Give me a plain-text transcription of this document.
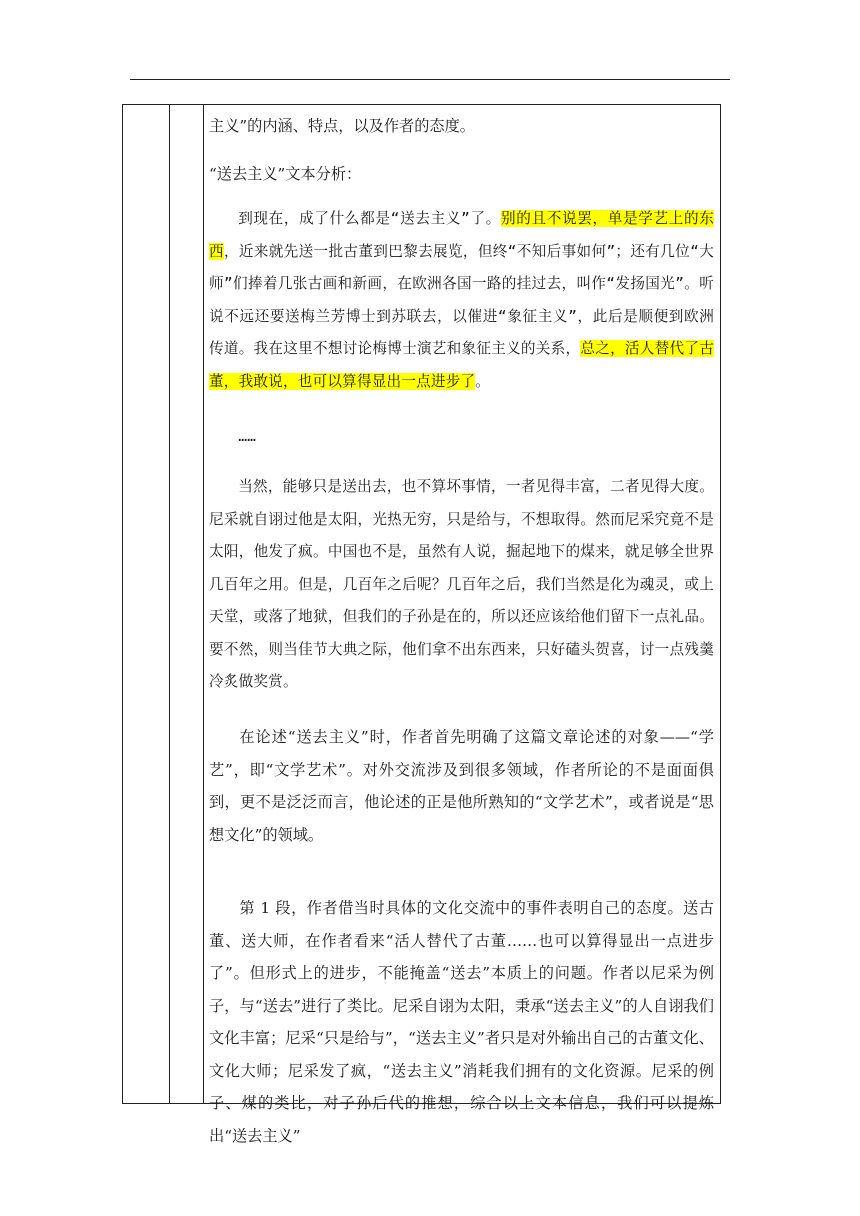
主义”的内涵、特点，以及作者的态度。

“送去主义”文本分析：

到现在，成了什么都是“送去主义”了。别的且不说罢，单是学艺上的东西，近来就先送一批古董到巴黎去展览，但终“不知后事如何”；还有几位“大师”们捧着几张古画和新画，在欧洲各国一路的挂过去，叫作“发扬国光”。听说不远还要送梅兰芳博士到苏联去，以催进“象征主义”，此后是顺便到欧洲传道。我在这里不想讨论梅博士演艺和象征主义的关系，总之，活人替代了古董，我敢说，也可以算得显出一点进步了。

……

当然，能够只是送出去，也不算坏事情，一者见得丰富，二者见得大度。尼采就自诩过他是太阳，光热无穷，只是给与，不想取得。然而尼采究竟不是太阳，他发了疯。中国也不是，虽然有人说，掘起地下的煤来，就足够全世界几百年之用。但是，几百年之后呢？几百年之后，我们当然是化为魂灵，或上天堂，或落了地狱，但我们的子孙是在的，所以还应该给他们留下一点礼品。要不然，则当佳节大典之际，他们拿不出东西来，只好磕头贺喜，讨一点残羹冷炙做奖赏。

在论述“送去主义”时，作者首先明确了这篇文章论述的对象——“学艺”，即“文学艺术”。对外交流涉及到很多领域，作者所论的不是面面俱到，更不是泛泛而言，他论述的正是他所熟知的“文学艺术”，或者说是“思想文化”的领域。

第 1 段，作者借当时具体的文化交流中的事件表明自己的态度。送古董、送大师，在作者看来“活人替代了古董……也可以算得显出一点进步了”。但形式上的进步，不能掩盖“送去”本质上的问题。作者以尼采为例子，与“送去”进行了类比。尼采自诩为太阳，秉承“送去主义”的人自诩我们文化丰富；尼采“只是给与”，“送去主义”者只是对外输出自己的古董文化、文化大师；尼采发了疯，“送去主义”消耗我们拥有的文化资源。尼采的例子、煤的类比，对子孙后代的推想，综合以上文本信息，我们可以提炼出“送去主义”
